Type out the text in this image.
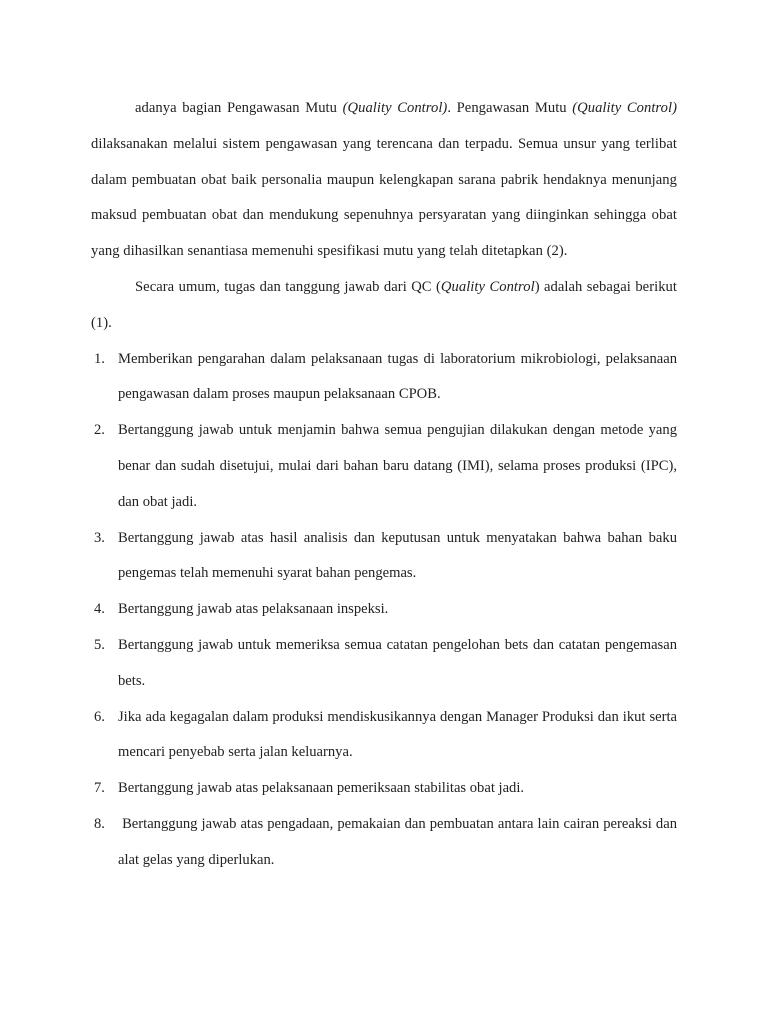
adanya bagian Pengawasan Mutu (Quality Control). Pengawasan Mutu (Quality Control) dilaksanakan melalui sistem pengawasan yang terencana dan terpadu. Semua unsur yang terlibat dalam pembuatan obat baik personalia maupun kelengkapan sarana pabrik hendaknya menunjang maksud pembuatan obat dan mendukung sepenuhnya persyaratan yang diinginkan sehingga obat yang dihasilkan senantiasa memenuhi spesifikasi mutu yang telah ditetapkan (2).

Secara umum, tugas dan tanggung jawab dari QC (Quality Control) adalah sebagai berikut (1).

1. Memberikan pengarahan dalam pelaksanaan tugas di laboratorium mikrobiologi, pelaksanaan pengawasan dalam proses maupun pelaksanaan CPOB.
2. Bertanggung jawab untuk menjamin bahwa semua pengujian dilakukan dengan metode yang benar dan sudah disetujui, mulai dari bahan baru datang (IMI), selama proses produksi (IPC), dan obat jadi.
3. Bertanggung jawab atas hasil analisis dan keputusan untuk menyatakan bahwa bahan baku pengemas telah memenuhi syarat bahan pengemas.
4. Bertanggung jawab atas pelaksanaan inspeksi.
5. Bertanggung jawab untuk memeriksa semua catatan pengelohan bets dan catatan pengemasan bets.
6. Jika ada kegagalan dalam produksi mendiskusikannya dengan Manager Produksi dan ikut serta mencari penyebab serta jalan keluarnya.
7. Bertanggung jawab atas pelaksanaan pemeriksaan stabilitas obat jadi.
8. Bertanggung jawab atas pengadaan, pemakaian dan pembuatan antara lain cairan pereaksi dan alat gelas yang diperlukan.
